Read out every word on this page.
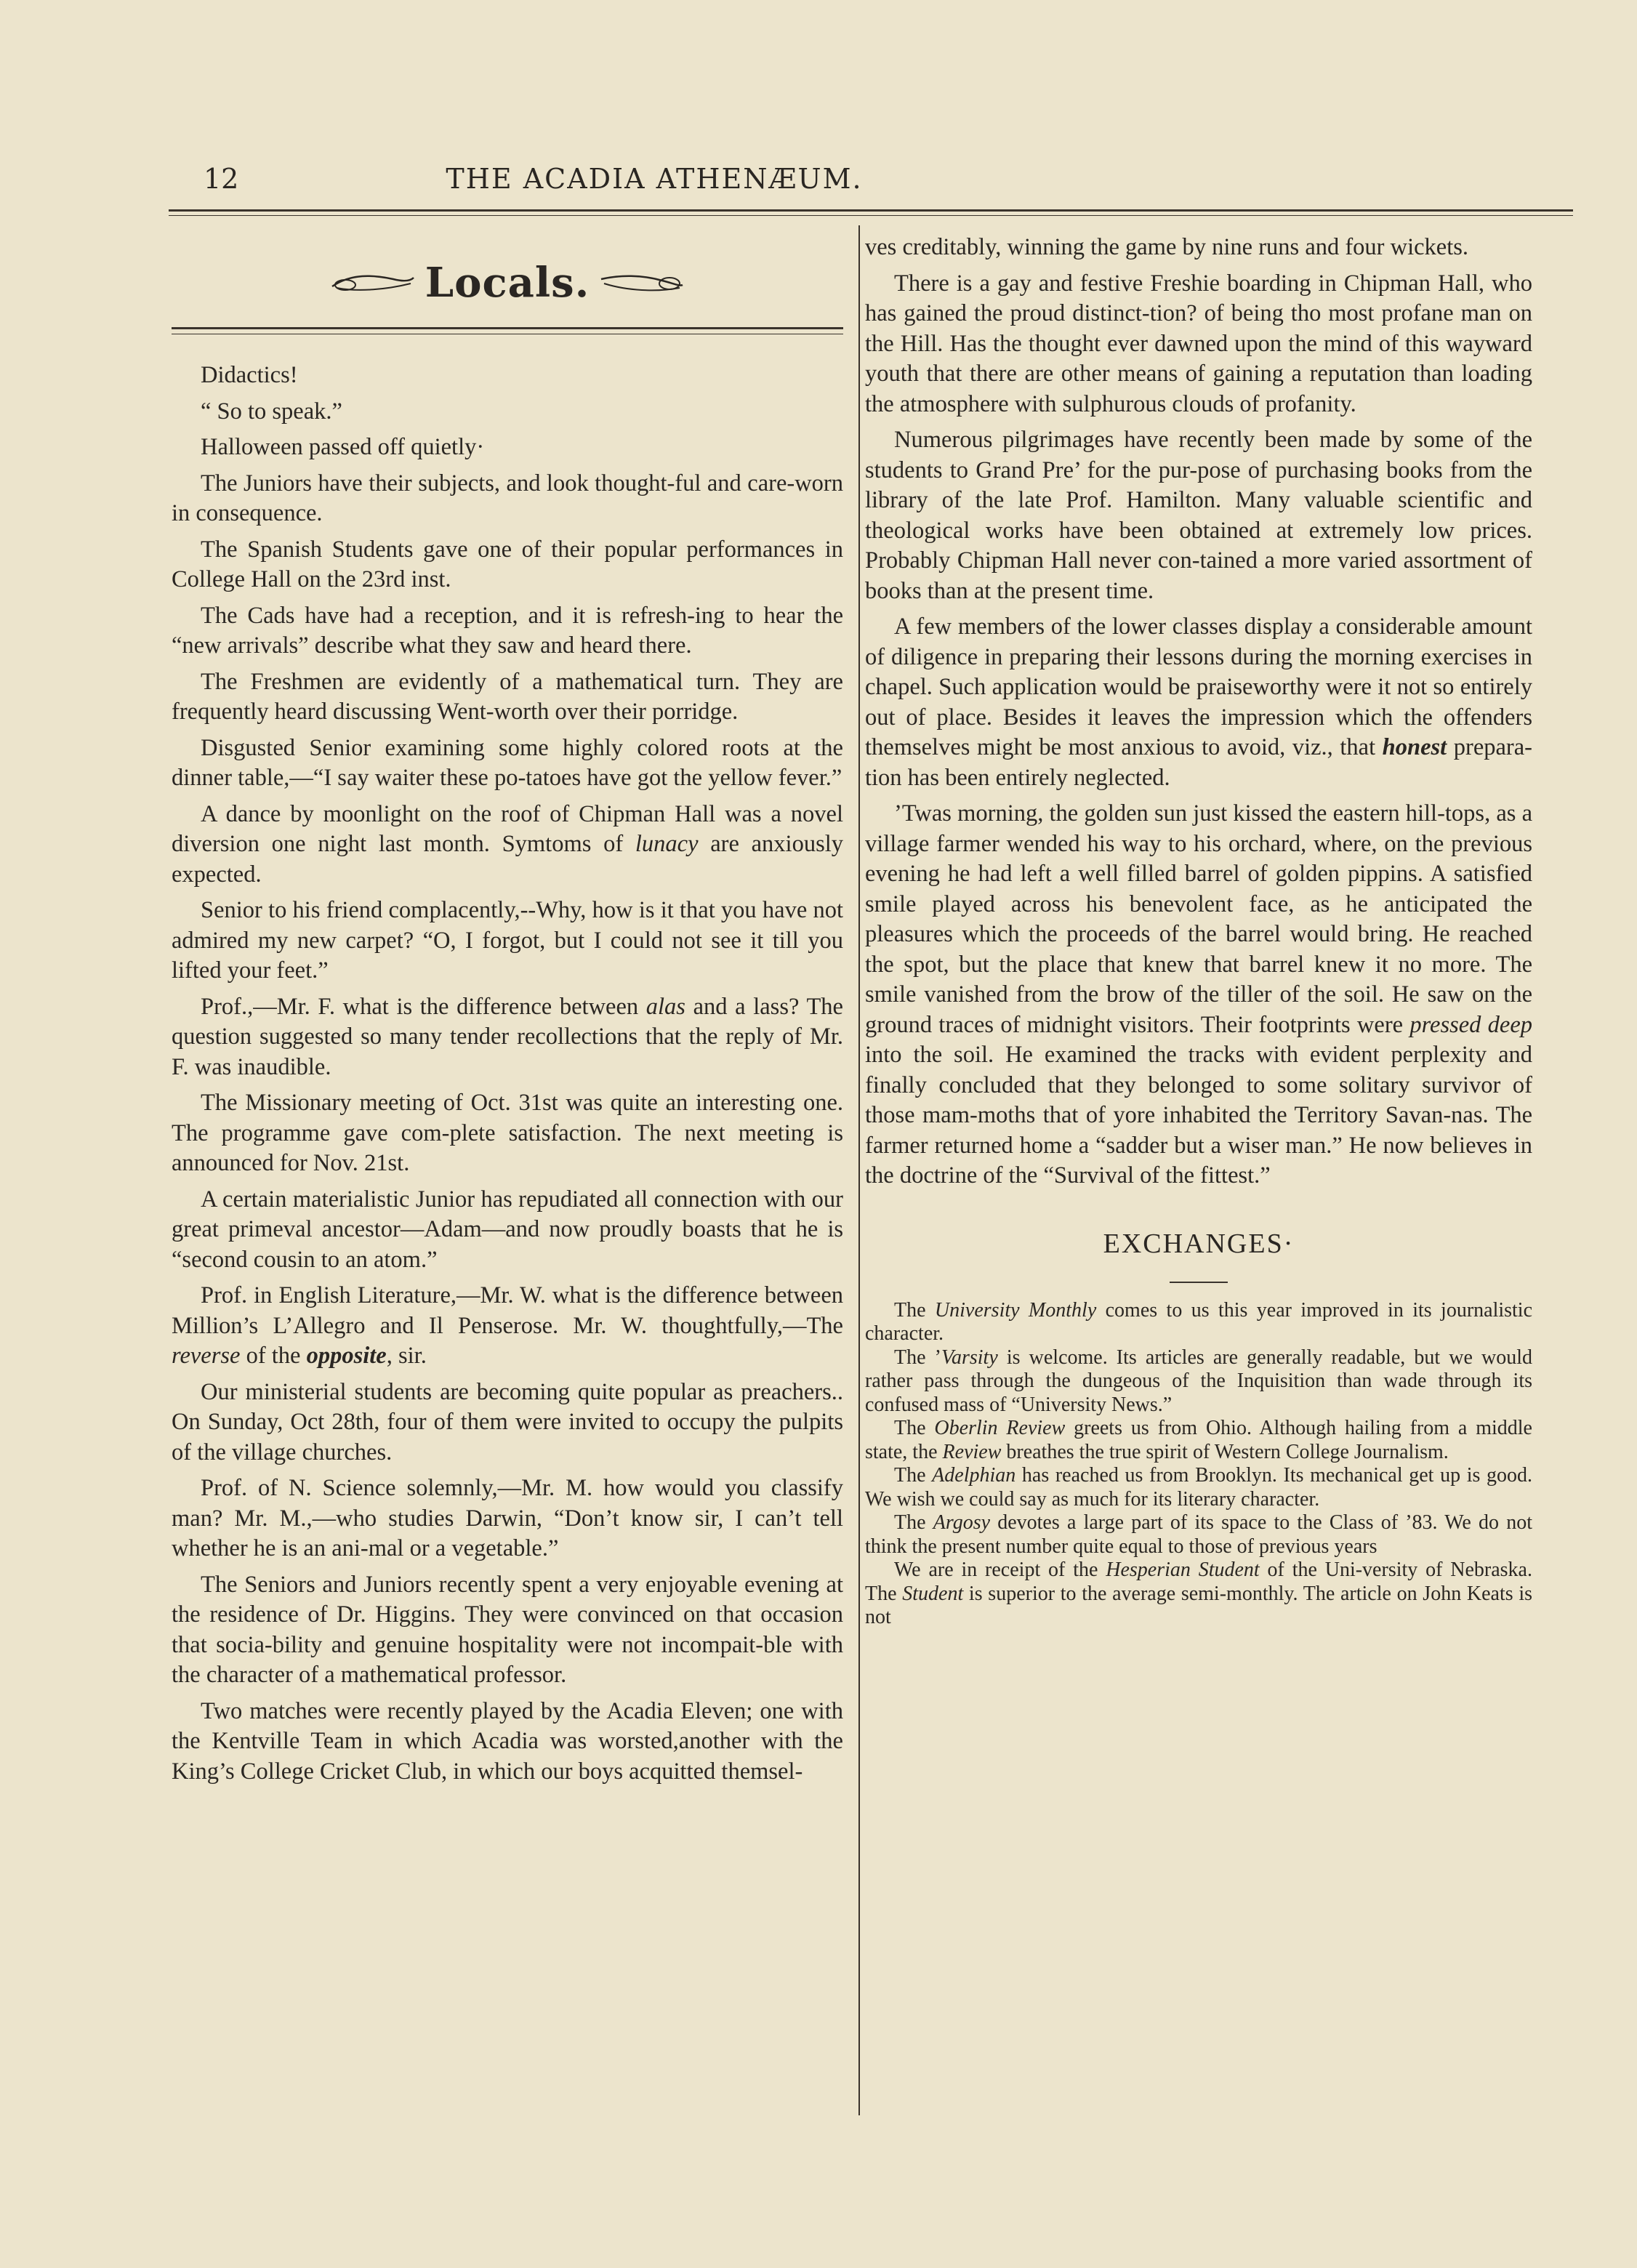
12	THE ACADIA ATHENÆUM.
Locals.

Didactics!

“ So to speak.”

Halloween passed off quietly·

The Juniors have their subjects, and look thought-ful and care-worn in consequence.

The Spanish Students gave one of their popular performances in College Hall on the 23rd inst.

The Cads have had a reception, and it is refresh-ing to hear the “new arrivals” describe what they saw and heard there.

The Freshmen are evidently of a mathematical turn. They are frequently heard discussing Went-worth over their porridge.

Disgusted Senior examining some highly colored roots at the dinner table,—“I say waiter these po-tatoes have got the yellow fever.”

A dance by moonlight on the roof of Chipman Hall was a novel diversion one night last month. Symtoms of lunacy are anxiously expected.

Senior to his friend complacently,--Why, how is it that you have not admired my new carpet? “O, I forgot, but I could not see it till you lifted your feet.”

Prof.,—Mr. F. what is the difference between alas and a lass? The question suggested so many tender recollections that the reply of Mr. F. was inaudible.

The Missionary meeting of Oct. 31st was quite an interesting one. The programme gave com-plete satisfaction. The next meeting is announced for Nov. 21st.

A certain materialistic Junior has repudiated all connection with our great primeval ancestor—Adam—and now proudly boasts that he is “second cousin to an atom.”

Prof. in English Literature,—Mr. W. what is the difference between Million’s L’Allegro and Il Penserose. Mr. W. thoughtfully,—The reverse of the opposite, sir.

Our ministerial students are becoming quite popular as preachers.. On Sunday, Oct 28th, four of them were invited to occupy the pulpits of the village churches.

Prof. of N. Science solemnly,—Mr. M. how would you classify man? Mr. M.,—who studies Darwin, “Don’t know sir, I can’t tell whether he is an ani-mal or a vegetable.”

The Seniors and Juniors recently spent a very enjoyable evening at the residence of Dr. Higgins. They were convinced on that occasion that socia-bility and genuine hospitality were not incompait-ble with the character of a mathematical professor.

Two matches were recently played by the Acadia Eleven; one with the Kentville Team in which Acadia was worsted,another with the King’s College Cricket Club, in which our boys acquitted themsel-

ves creditably, winning the game by nine runs and four wickets.

There is a gay and festive Freshie boarding in Chipman Hall, who has gained the proud distinct-tion? of being tho most profane man on the Hill. Has the thought ever dawned upon the mind of this wayward youth that there are other means of gaining a reputation than loading the atmosphere with sulphurous clouds of profanity.

Numerous pilgrimages have recently been made by some of the students to Grand Pre’ for the pur-pose of purchasing books from the library of the late Prof. Hamilton. Many valuable scientific and theological works have been obtained at extremely low prices. Probably Chipman Hall never con-tained a more varied assortment of books than at the present time.

A few members of the lower classes display a considerable amount of diligence in preparing their lessons during the morning exercises in chapel. Such application would be praiseworthy were it not so entirely out of place. Besides it leaves the impression which the offenders themselves might be most anxious to avoid, viz., that honest prepara-tion has been entirely neglected.

’Twas morning, the golden sun just kissed the eastern hill-tops, as a village farmer wended his way to his orchard, where, on the previous evening he had left a well filled barrel of golden pippins. A satisfied smile played across his benevolent face, as he anticipated the pleasures which the proceeds of the barrel would bring. He reached the spot, but the place that knew that barrel knew it no more. The smile vanished from the brow of the tiller of the soil. He saw on the ground traces of midnight visitors. Their footprints were pressed deep into the soil. He examined the tracks with evident perplexity and finally concluded that they belonged to some solitary survivor of those mam-moths that of yore inhabited the Territory Savan-nas. The farmer returned home a “sadder but a wiser man.” He now believes in the doctrine of the “Survival of the fittest.”

EXCHANGES·

The University Monthly comes to us this year improved in its journalistic character.

The ’Varsity is welcome. Its articles are generally readable, but we would rather pass through the dungeous of the Inquisition than wade through its confused mass of “University News.”

The Oberlin Review greets us from Ohio. Although hailing from a middle state, the Review breathes the true spirit of Western College Journalism.

The Adelphian has reached us from Brooklyn. Its mechanical get up is good. We wish we could say as much for its literary character.

The Argosy devotes a large part of its space to the Class of ’83. We do not think the present number quite equal to those of previous years

We are in receipt of the Hesperian Student of the Uni-versity of Nebraska. The Student is superior to the average semi-monthly. The article on John Keats is not
